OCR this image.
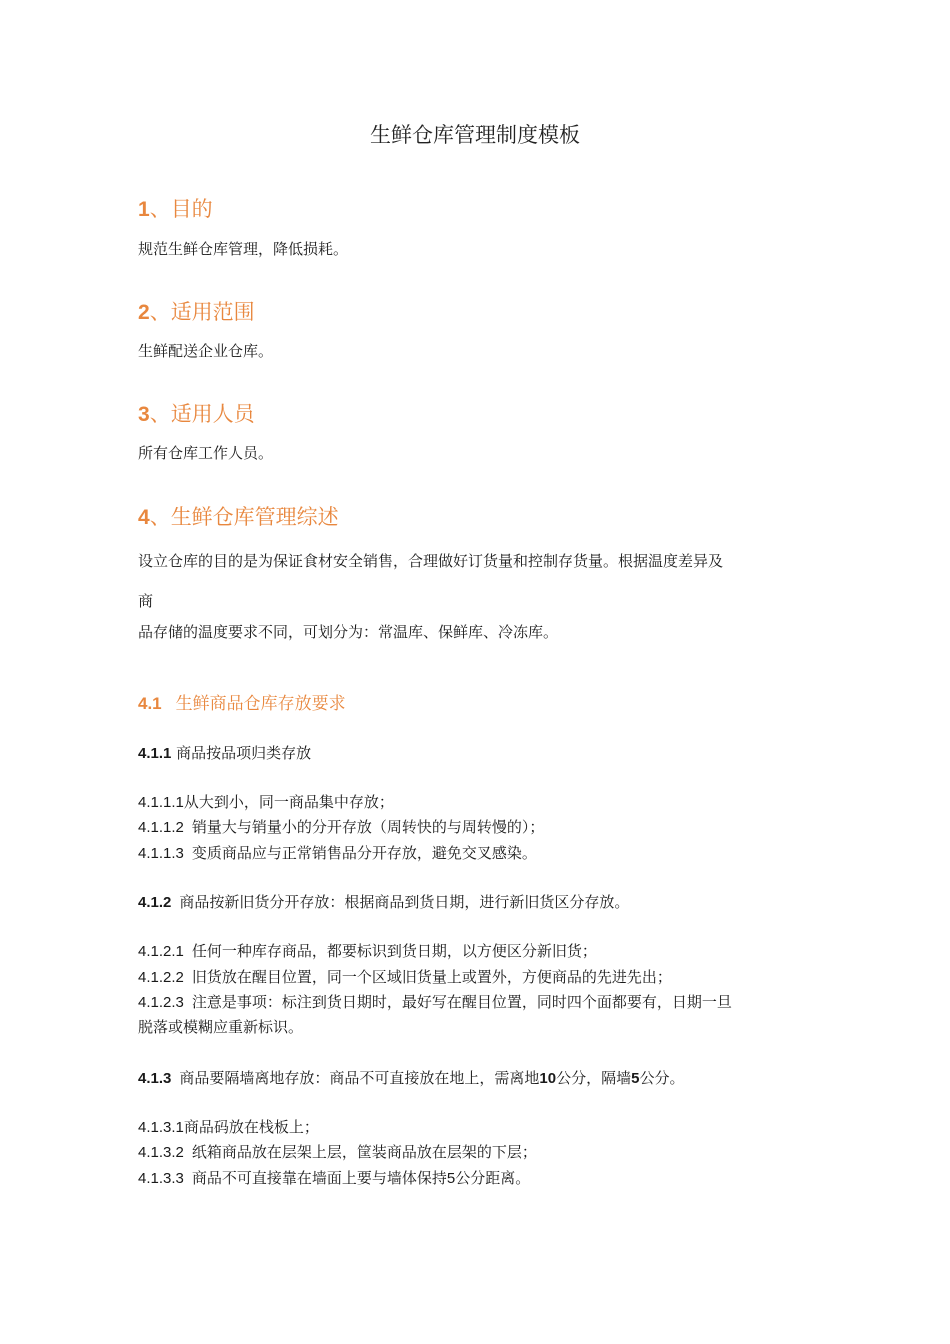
生鲜仓库管理制度模板
1、目的
规范生鲜仓库管理，降低损耗。
2、适用范围
生鲜配送企业仓库。
3、适用人员
所有仓库工作人员。
4、生鲜仓库管理综述
设立仓库的目的是为保证食材安全销售，合理做好订货量和控制存货量。根据温度差异及
商
品存储的温度要求不同，可划分为：常温库、保鲜库、冷冻库。
4.1 生鲜商品仓库存放要求
4.1.1 商品按品项归类存放
4.1.1.1从大到小，同一商品集中存放；
4.1.1.2 销量大与销量小的分开存放（周转快的与周转慢的）；
4.1.1.3 变质商品应与正常销售品分开存放，避免交叉感染。
4.1.2 商品按新旧货分开存放：根据商品到货日期，进行新旧货区分存放。
4.1.2.1 任何一种库存商品，都要标识到货日期，以方便区分新旧货；
4.1.2.2 旧货放在醒目位置，同一个区域旧货量上或置外，方便商品的先进先出；
4.1.2.3 注意是事项：标注到货日期时，最好写在醒目位置，同时四个面都要有，日期一旦
脱落或模糊应重新标识。
4.1.3 商品要隔墙离地存放：商品不可直接放在地上，需离地10公分，隔墙5公分。
4.1.3.1商品码放在栈板上；
4.1.3.2 纸箱商品放在层架上层，筐装商品放在层架的下层；
4.1.3.3 商品不可直接靠在墙面上要与墙体保持5公分距离。
